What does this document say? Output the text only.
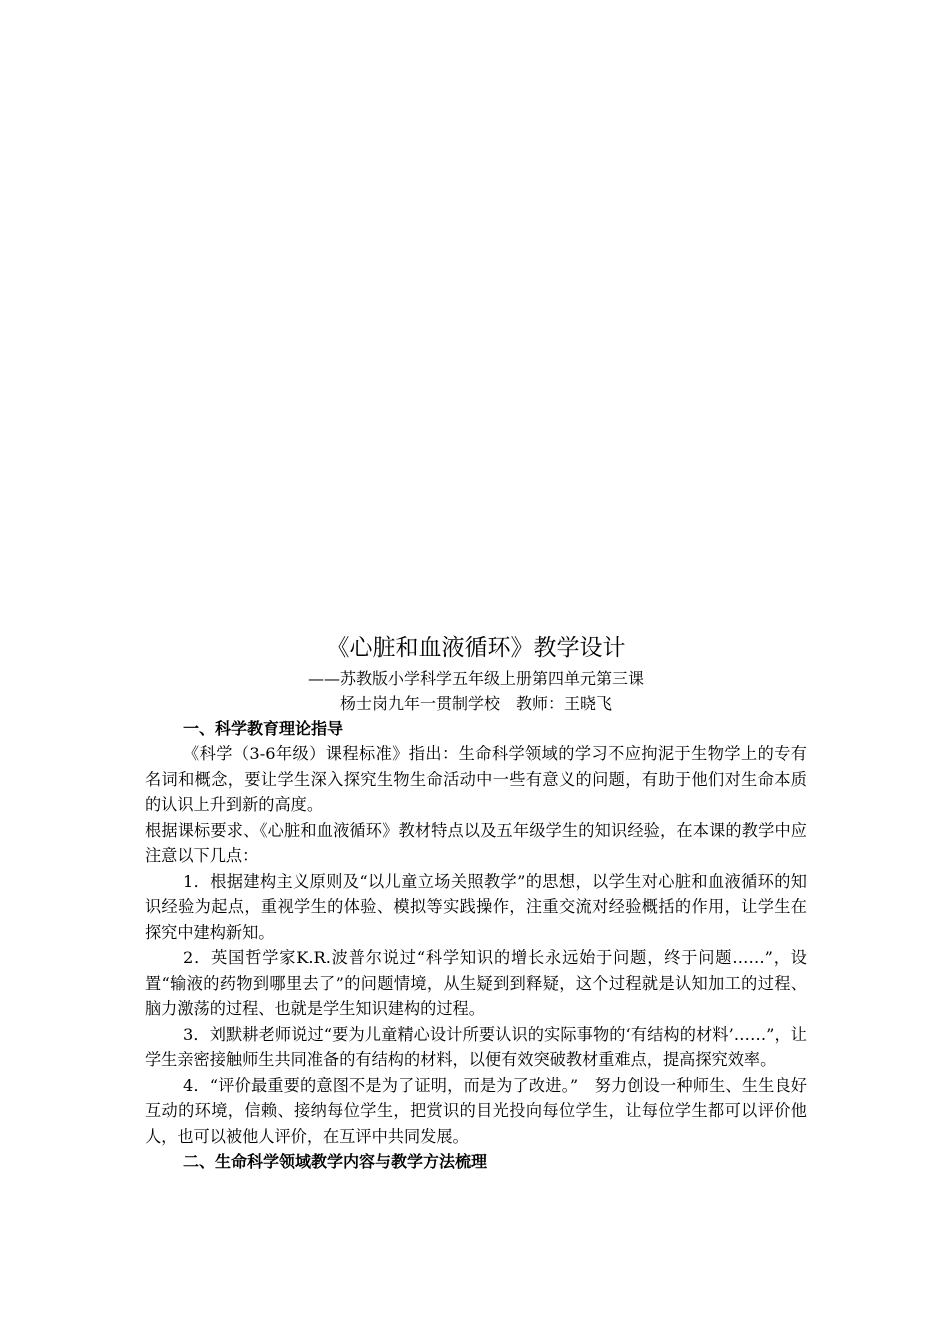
《心脏和血液循环》教学设计

——苏教版小学科学五年级上册第四单元第三课

杨士岗九年一贯制学校　教师：王晓飞

一、科学教育理论指导

《科学（3-6年级）课程标准》指出：生命科学领域的学习不应拘泥于生物学上的专有名词和概念，要让学生深入探究生物生命活动中一些有意义的问题，有助于他们对生命本质的认识上升到新的高度。

根据课标要求、《心脏和血液循环》教材特点以及五年级学生的知识经验，在本课的教学中应注意以下几点：

1．根据建构主义原则及“以儿童立场关照教学”的思想，以学生对心脏和血液循环的知识经验为起点，重视学生的体验、模拟等实践操作，注重交流对经验概括的作用，让学生在探究中建构新知。

2．英国哲学家K.R.波普尔说过“科学知识的增长永远始于问题，终于问题……”，设置“输液的药物到哪里去了”的问题情境，从生疑到到释疑，这个过程就是认知加工的过程、脑力激荡的过程、也就是学生知识建构的过程。

3．刘默耕老师说过“要为儿童精心设计所要认识的实际事物的‘有结构的材料’……”，让学生亲密接触师生共同准备的有结构的材料，以便有效突破教材重难点，提高探究效率。

4．“评价最重要的意图不是为了证明，而是为了改进。”　努力创设一种师生、生生良好互动的环境，信赖、接纳每位学生，把赏识的目光投向每位学生，让每位学生都可以评价他人，也可以被他人评价，在互评中共同发展。

二、生命科学领域教学内容与教学方法梳理
